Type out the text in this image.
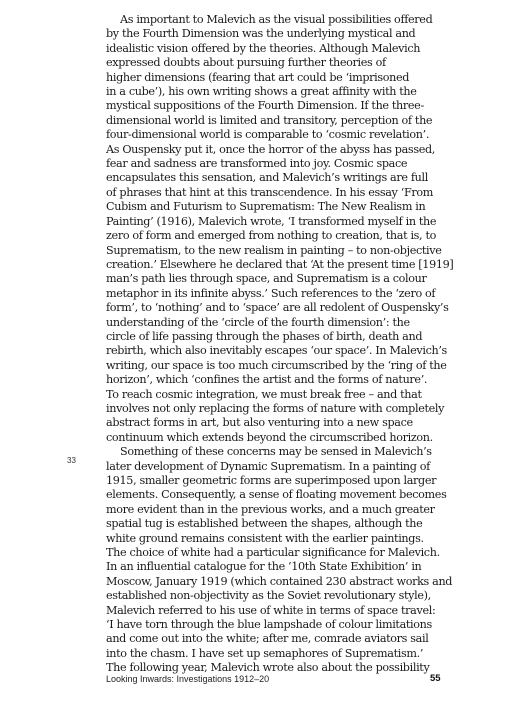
As important to Malevich as the visual possibilities offered
by the Fourth Dimension was the underlying mystical and
idealistic vision offered by the theories. Although Malevich
expressed doubts about pursuing further theories of
higher dimensions (fearing that art could be ‘imprisoned
in a cube’), his own writing shows a great affinity with the
mystical suppositions of the Fourth Dimension. If the three-
dimensional world is limited and transitory, perception of the
four-dimensional world is comparable to ‘cosmic revelation’.
As Ouspensky put it, once the horror of the abyss has passed,
fear and sadness are transformed into joy. Cosmic space
encapsulates this sensation, and Malevich’s writings are full
of phrases that hint at this transcendence. In his essay ‘From
Cubism and Futurism to Suprematism: The New Realism in
Painting’ (1916), Malevich wrote, ‘I transformed myself in the
zero of form and emerged from nothing to creation, that is, to
Suprematism, to the new realism in painting – to non-objective
creation.’ Elsewhere he declared that ‘At the present time [1919]
man’s path lies through space, and Suprematism is a colour
metaphor in its infinite abyss.’ Such references to the ‘zero of
form’, to ‘nothing’ and to ‘space’ are all redolent of Ouspensky’s
understanding of the ‘circle of the fourth dimension’: the
circle of life passing through the phases of birth, death and
rebirth, which also inevitably escapes ‘our space’. In Malevich’s
writing, our space is too much circumscribed by the ‘ring of the
horizon’, which ‘confines the artist and the forms of nature’.
To reach cosmic integration, we must break free – and that
involves not only replacing the forms of nature with completely
abstract forms in art, but also venturing into a new space
continuum which extends beyond the circumscribed horizon.
Something of these concerns may be sensed in Malevich’s
later development of Dynamic Suprematism. In a painting of
1915, smaller geometric forms are superimposed upon larger
elements. Consequently, a sense of floating movement becomes
more evident than in the previous works, and a much greater
spatial tug is established between the shapes, although the
white ground remains consistent with the earlier paintings.
The choice of white had a particular significance for Malevich.
In an influential catalogue for the ‘10th State Exhibition’ in
Moscow, January 1919 (which contained 230 abstract works and
established non-objectivity as the Soviet revolutionary style),
Malevich referred to his use of white in terms of space travel:
‘I have torn through the blue lampshade of colour limitations
and come out into the white; after me, comrade aviators sail
into the chasm. I have set up semaphores of Suprematism.’
The following year, Malevich wrote also about the possibility
33
Looking Inwards: Investigations 1912–20	55
